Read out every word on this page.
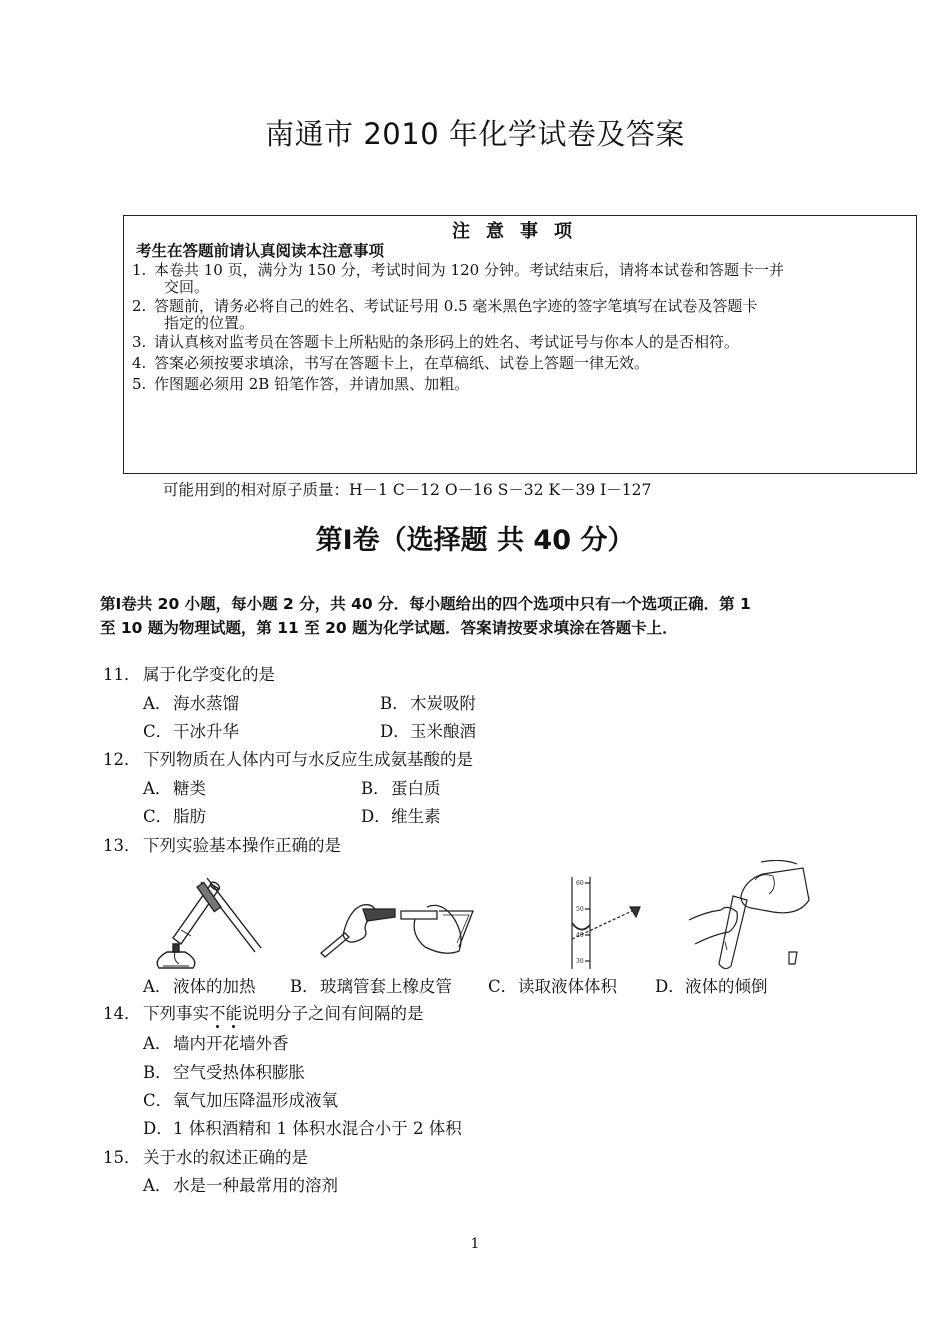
南通市 2010 年化学试卷及答案
注意事项
考生在答题前请认真阅读本注意事项
1. 本卷共 10 页，满分为 150 分，考试时间为 120 分钟。考试结束后，请将本试卷和答题卡一并
交回。
2. 答题前，请务必将自己的姓名、考试证号用 0.5 毫米黑色字迹的签字笔填写在试卷及答题卡
指定的位置。
3. 请认真核对监考员在答题卡上所粘贴的条形码上的姓名、考试证号与你本人的是否相符。
4. 答案必须按要求填涂，书写在答题卡上，在草稿纸、试卷上答题一律无效。
5. 作图题必须用 2B 铅笔作答，并请加黑、加粗。
可能用到的相对原子质量：H－1 C－12 O－16 S－32 K－39 I－127
第Ⅰ卷（选择题 共 40 分）
第Ⅰ卷共 20 小题，每小题 2 分，共 40 分．每小题给出的四个选项中只有一个选项正确．第 1
至 10 题为物理试题，第 11 至 20 题为化学试题．答案请按要求填涂在答题卡上．
11． 属于化学变化的是
A．海水蒸馏	B．木炭吸附
C．干冰升华	D．玉米酿酒
12． 下列物质在人体内可与水反应生成氨基酸的是
A．糖类	B．蛋白质
C．脂肪	D．维生素
13． 下列实验基本操作正确的是
60
50
40
30
A．液体的加热 B．玻璃管套上橡皮管 C．读取液体体积 D．液体的倾倒
14． 下列事实不能说明分子之间有间隔的是
A．墙内开花墙外香
B．空气受热体积膨胀
C．氧气加压降温形成液氧
D．1 体积酒精和 1 体积水混合小于 2 体积
15． 关于水的叙述正确的是
A．水是一种最常用的溶剂
1
